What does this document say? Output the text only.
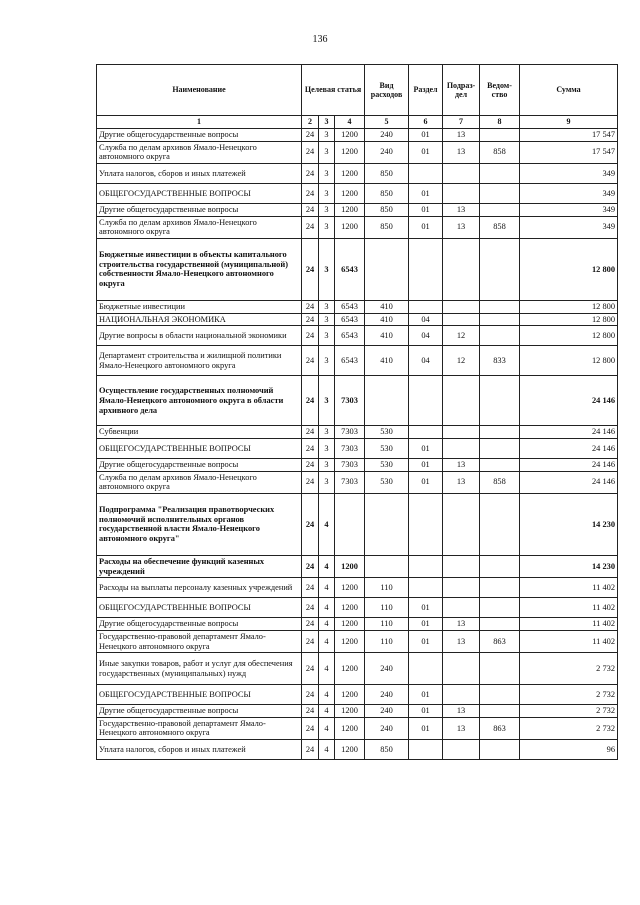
136
Наименование	Целевая статья			Вид расходов	Раздел	Подраз-дел	Ведом-ство	Сумма
1	2	3	4	5	6	7	8	9
Другие общегосударственные вопросы	24	3	1200	240	01	13		17 547
Служба по делам архивов Ямало-Ненецкого автономного округа	24	3	1200	240	01	13	858	17 547
Уплата налогов, сборов и иных платежей	24	3	1200	850				349
ОБЩЕГОСУДАРСТВЕННЫЕ ВОПРОСЫ	24	3	1200	850	01			349
Другие общегосударственные вопросы	24	3	1200	850	01	13		349
Служба по делам архивов Ямало-Ненецкого автономного округа	24	3	1200	850	01	13	858	349
Бюджетные инвестиции в объекты капитального строительства государственной (муниципальной) собственности Ямало-Ненецкого автономного округа	24	3	6543					12 800
Бюджетные инвестиции	24	3	6543	410				12 800
НАЦИОНАЛЬНАЯ ЭКОНОМИКА	24	3	6543	410	04			12 800
Другие вопросы в области национальной экономики	24	3	6543	410	04	12		12 800
Департамент строительства и жилищной политики Ямало-Ненецкого автономного округа	24	3	6543	410	04	12	833	12 800
Осуществление государственных полномочий Ямало-Ненецкого автономного округа в области архивного дела	24	3	7303					24 146
Субвенции	24	3	7303	530				24 146
ОБЩЕГОСУДАРСТВЕННЫЕ ВОПРОСЫ	24	3	7303	530	01			24 146
Другие общегосударственные вопросы	24	3	7303	530	01	13		24 146
Служба по делам архивов Ямало-Ненецкого автономного округа	24	3	7303	530	01	13	858	24 146
Подпрограмма "Реализация правотворческих полномочий исполнительных органов государственной власти Ямало-Ненецкого автономного округа"	24	4						14 230
Расходы на обеспечение функций казенных учреждений	24	4	1200					14 230
Расходы на выплаты персоналу казенных учреждений	24	4	1200	110				11 402
ОБЩЕГОСУДАРСТВЕННЫЕ ВОПРОСЫ	24	4	1200	110	01			11 402
Другие общегосударственные вопросы	24	4	1200	110	01	13		11 402
Государственно-правовой департамент Ямало-Ненецкого автономного округа	24	4	1200	110	01	13	863	11 402
Иные закупки товаров, работ и услуг для обеспечения государственных (муниципальных) нужд	24	4	1200	240				2 732
ОБЩЕГОСУДАРСТВЕННЫЕ ВОПРОСЫ	24	4	1200	240	01			2 732
Другие общегосударственные вопросы	24	4	1200	240	01	13		2 732
Государственно-правовой департамент Ямало-Ненецкого автономного округа	24	4	1200	240	01	13	863	2 732
Уплата налогов, сборов и иных платежей	24	4	1200	850				96
